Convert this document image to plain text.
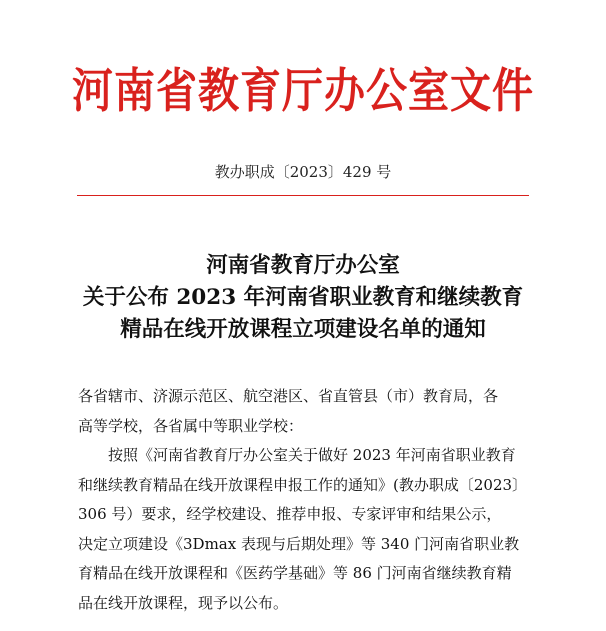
河南省教育厅办公室文件
教办职成〔2023〕429 号
河南省教育厅办公室
关于公布 2023 年河南省职业教育和继续教育
精品在线开放课程立项建设名单的通知

各省辖市、济源示范区、航空港区、省直管县（市）教育局，各

高等学校，各省属中等职业学校：

按照《河南省教育厅办公室关于做好 2023 年河南省职业教育

和继续教育精品在线开放课程申报工作的通知》(教办职成〔2023〕

306 号）要求，经学校建设、推荐申报、专家评审和结果公示，

决定立项建设《3Dmax 表现与后期处理》等 340 门河南省职业教

育精品在线开放课程和《医药学基础》等 86 门河南省继续教育精

品在线开放课程，现予以公布。
